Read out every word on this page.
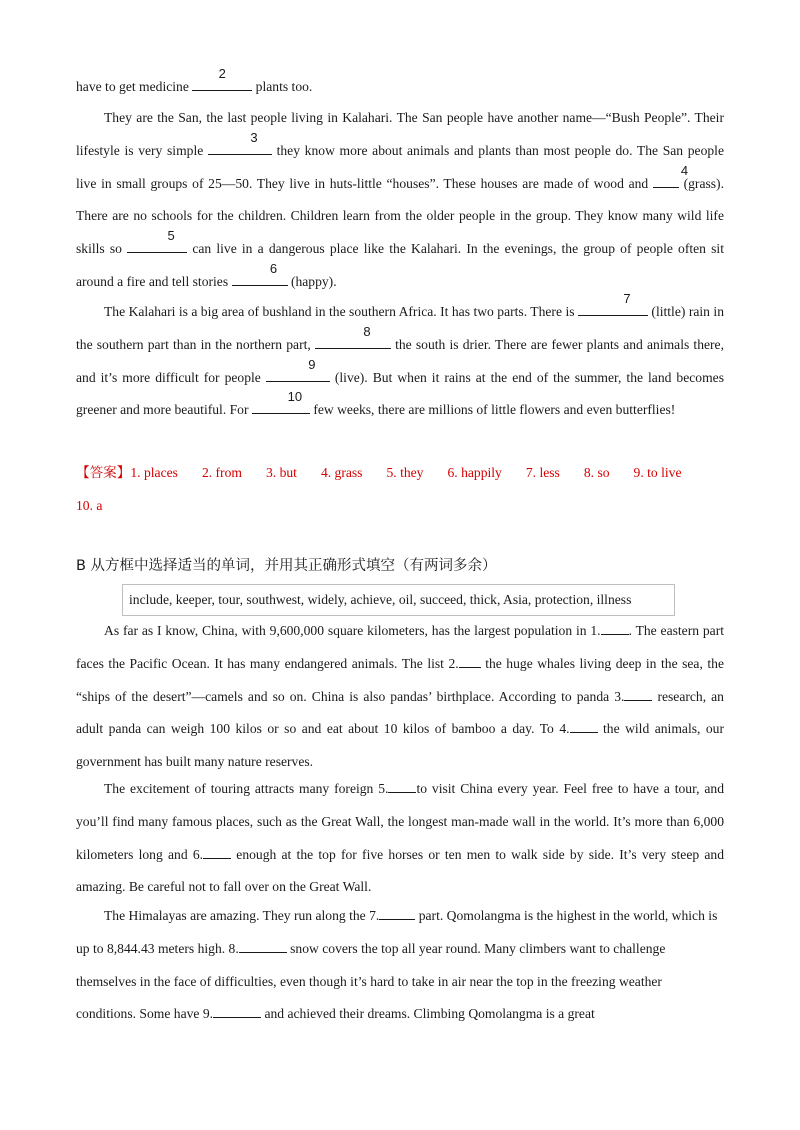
have to get medicine
2
plants too.

They are the San, the last people living in Kalahari. The San people have another name—“Bush People”. Their lifestyle is very simple
3
they know more about animals and plants than most people do. The San people live in small groups of 25—50. They live in huts-little “houses”. These houses are made of wood and
4
(grass). There are no schools for the children. Children learn from the older people in the group. They know many wild life skills so
5
can live in a dangerous place like the Kalahari. In the evenings, the group of people often sit around a fire and tell stories
6
(happy).

The Kalahari is a big area of bushland in the southern Africa. It has two parts. There is
7
(little) rain in the southern part than in the northern part,
8
the south is drier. There are fewer plants and animals there, and it’s more difficult for people
9
(live). But when it rains at the end of the summer, the land becomes greener and more beautiful. For
10
few weeks, there are millions of little flowers and even butterflies!

【答案】1. places 2. from 3. but 4. grass 5. they 6. happily 7. less 8. so 9. to live
10. a

B 从方框中选择适当的单词，并用其正确形式填空（有两词多余）

include, keeper, tour, southwest, widely, achieve, oil, succeed, thick, Asia, protection, illness

As far as I know, China, with 9,600,000 square kilometers, has the largest population in 1. . The eastern part faces the Pacific Ocean. It has many endangered animals. The list 2. the huge whales living deep in the sea, the “ships of the desert”—camels and so on. China is also pandas’ birthplace. According to panda 3. research, an adult panda can weigh 100 kilos or so and eat about 10 kilos of bamboo a day. To 4. the wild animals, our government has built many nature reserves.

The excitement of touring attracts many foreign 5. to visit China every year. Feel free to have a tour, and you’ll find many famous places, such as the Great Wall, the longest man-made wall in the world. It’s more than 6,000 kilometers long and 6. enough at the top for five horses or ten men to walk side by side. It’s very steep and amazing. Be careful not to fall over on the Great Wall.

The Himalayas are amazing. They run along the 7.	part. Qomolangma is the highest in the world, which is up to 8,844.43 meters high. 8.	snow covers the top all year round. Many climbers want to challenge themselves in the face of difficulties, even though it’s hard to take in air near the top in the freezing weather conditions. Some have 9.	and achieved their dreams. Climbing Qomolangma is a great
